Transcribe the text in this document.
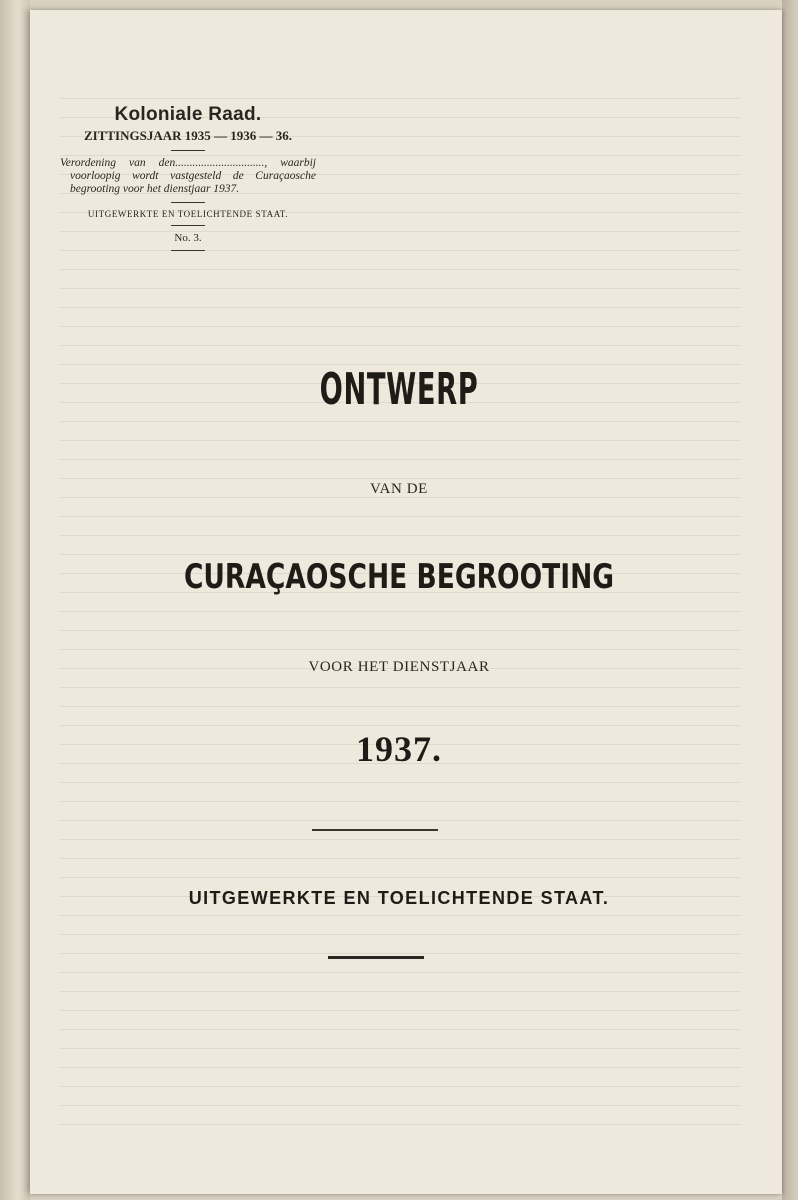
Koloniale Raad.
ZITTINGSJAAR 1935 — 1936 — 36.
Verordening van den..............................., waarbij voorloopig wordt vastgesteld de Curaçaosche begrooting voor het dienstjaar 1937.
UITGEWERKTE EN TOELICHTENDE STAAT.
No. 3.
ONTWERP
VAN DE
CURAÇAOSCHE BEGROOTING
VOOR HET DIENSTJAAR
1937.
UITGEWERKTE EN TOELICHTENDE STAAT.
